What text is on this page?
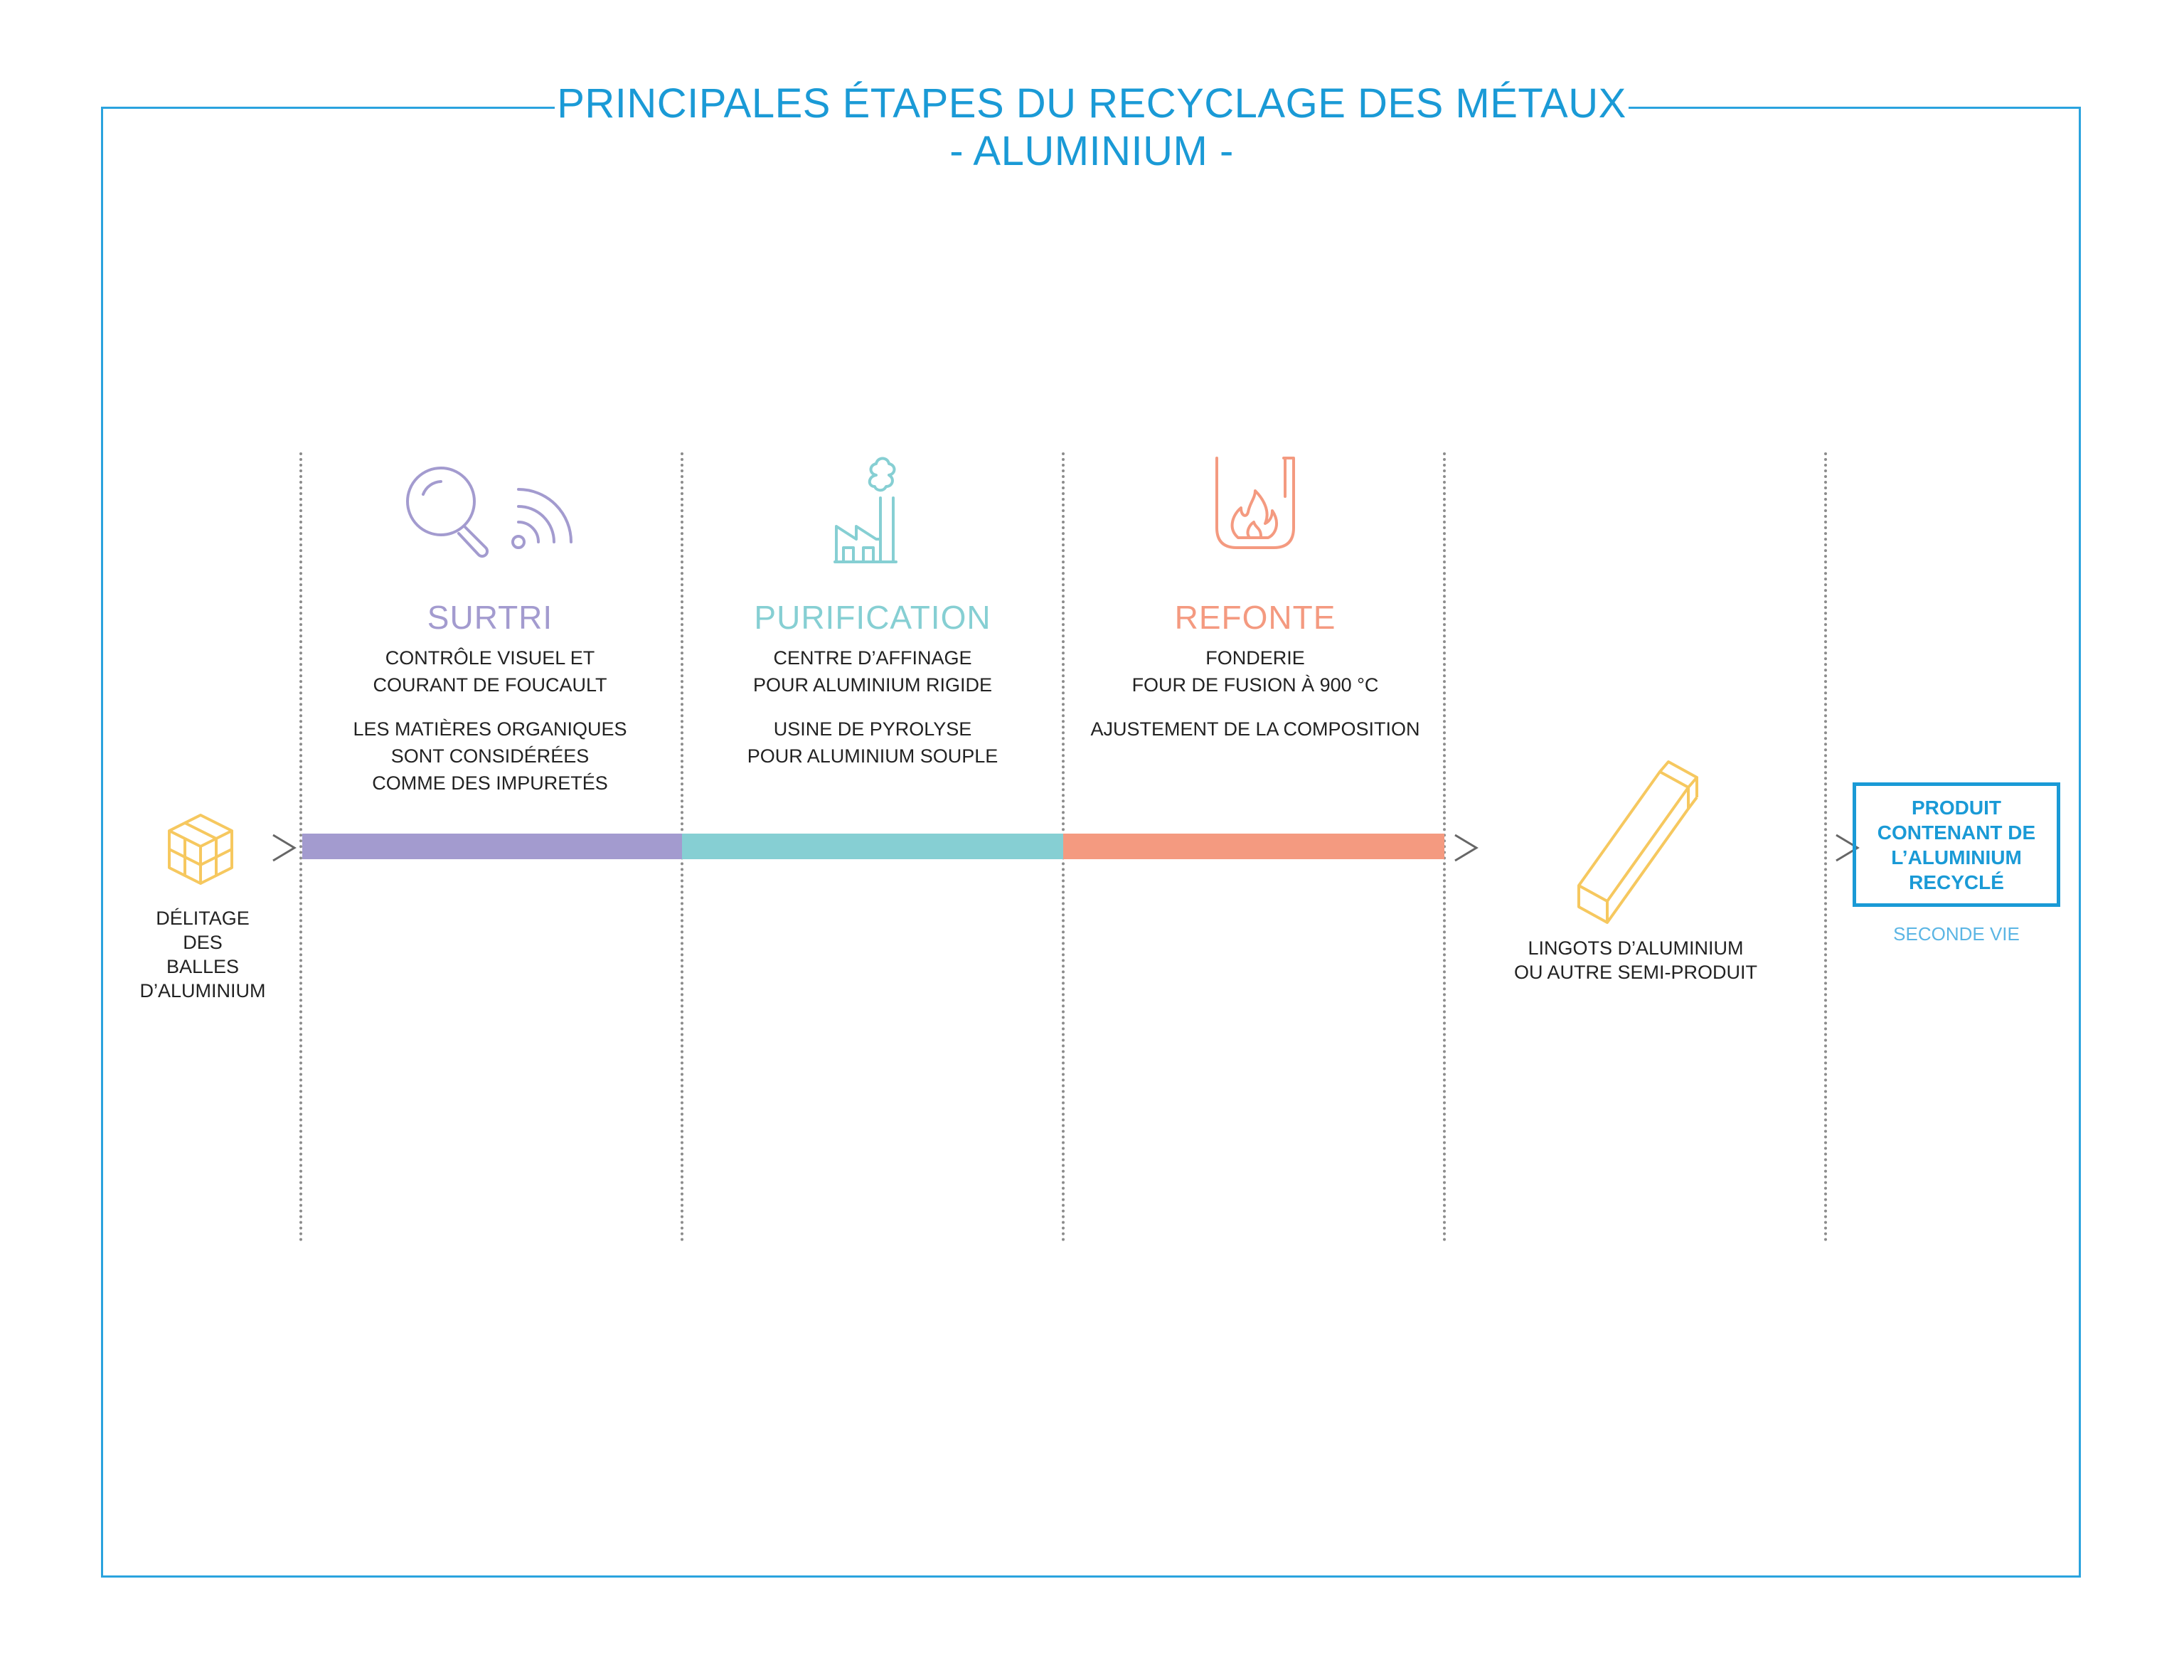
PRINCIPALES ÉTAPES DU RECYCLAGE DES MÉTAUX
- ALUMINIUM -
DÉLITAGE
DES
BALLES
D’ALUMINIUM
SURTRI
CONTRÔLE VISUEL ET
COURANT DE FOUCAULT
LES MATIÈRES ORGANIQUES
SONT CONSIDÉRÉES
COMME DES IMPURETÉS
PURIFICATION
CENTRE D’AFFINAGE
POUR ALUMINIUM RIGIDE
USINE DE PYROLYSE
POUR ALUMINIUM SOUPLE
REFONTE
FONDERIE
FOUR DE FUSION À 900 °C
AJUSTEMENT DE LA COMPOSITION
LINGOTS D’ALUMINIUM
OU AUTRE SEMI-PRODUIT
PRODUIT
CONTENANT DE
L’ALUMINIUM
RECYCLÉ
SECONDE VIE
